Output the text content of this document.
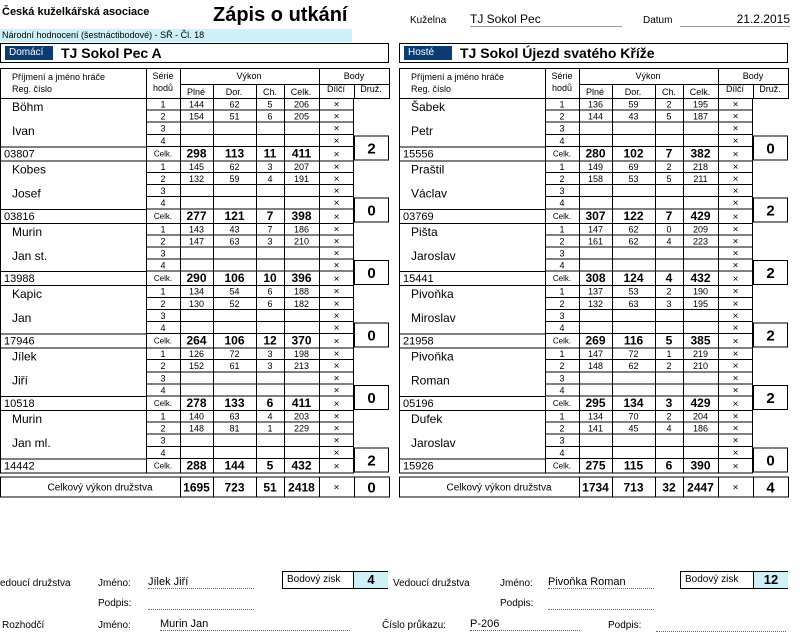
Česká kuželkářská asociace	Zápis o utkání
Národní hodnocení (šestnáctibodové) - SŘ - Čl. 18
Kuželna TJ Sokol Pec	Datum	21.2.2015
Domácí	TJ Sokol Pec A	Hosté	TJ Sokol Újezd svatého Kříže
Příjmení a jméno hráče
Reg. číslo
Série
hodů
Výkon
Plné Dor. Ch. Celk.
Body
Dílčí Druž.
Böhm
Ivan
03807
1	144	62	5 206 ×
2	154	51	6 205 ×
3	×
4	×
Celk. 298 113 11 411 × 2
Kobes
Josef
03816
1	145	62	3 207 ×
2	132	59	4 191 ×
3	×
4	×
Celk. 277 121 7 398 × 0
Murin
Jan st.
13988
1	143	43	7 186 ×
2	147	63	3 210 ×
3	×
4	×
Celk. 290 106 10 396 × 0
Kapic
Jan
17946
1	134	54	6 188 ×
2	130	52	6 182 ×
3	×
4	×
Celk. 264 106 12 370 × 0
Jílek
Jiří
10518
1	126	72	3 198 ×
2	152	61	3 213 ×
3	×
4	×
Celk. 278 133 6 411 × 0
Murin
Jan ml.
14442
1	140	63	4 203 ×
2	148	81	1 229 ×
3	×
4	×
Celk. 288 144 5 432 × 2
Celkový výkon družstva	1695 723 51 2418 × 0
Příjmení a jméno hráče
Reg. číslo
Série
hodů
Výkon
Plné Dor. Ch. Celk.
Body
Dílčí Druž.
Šabek
Petr
15556
1	136	59	2 195 ×
2	144	43	5 187 ×
3	×
4	×
Celk. 280 102 7 382 × 0
Praštil
Václav
03769
1	149	69	2 218 ×
2	158	53	5 211 ×
3	×
4	×
Celk. 307 122 7 429 × 2
Pišta
Jaroslav
15441
1	147	62	0 209 ×
2	161	62	4 223 ×
3	×
4	×
Celk. 308 124 4 432 × 2
Pivoňka
Miroslav
21958
1	137	53	2 190 ×
2	132	63	3 195 ×
3	×
4	×
Celk. 269 116 5 385 × 2
Pivoňka
Roman
05196
1	147	72	1 219 ×
2	148	62	2 210 ×
3	×
4	×
Celk. 295 134 3 429 × 2
Dufek
Jaroslav
15926
1	134	70	2 204 ×
2	141	45	4 186 ×
3	×
4	×
Celk. 275 115 6 390 × 0
Celkový výkon družstva	1734 713 32 2447 × 4
edoucí družstva	Jméno: Jílek Jiří
Podpis:
Bodový zisk	4	Vedoucí družstva	Jméno: Pivoňka Roman
Podpis:
Bodový zisk	12
Rozhodčí	Jméno:	Murin Jan	Číslo průkazu: P-206	Podpis:
